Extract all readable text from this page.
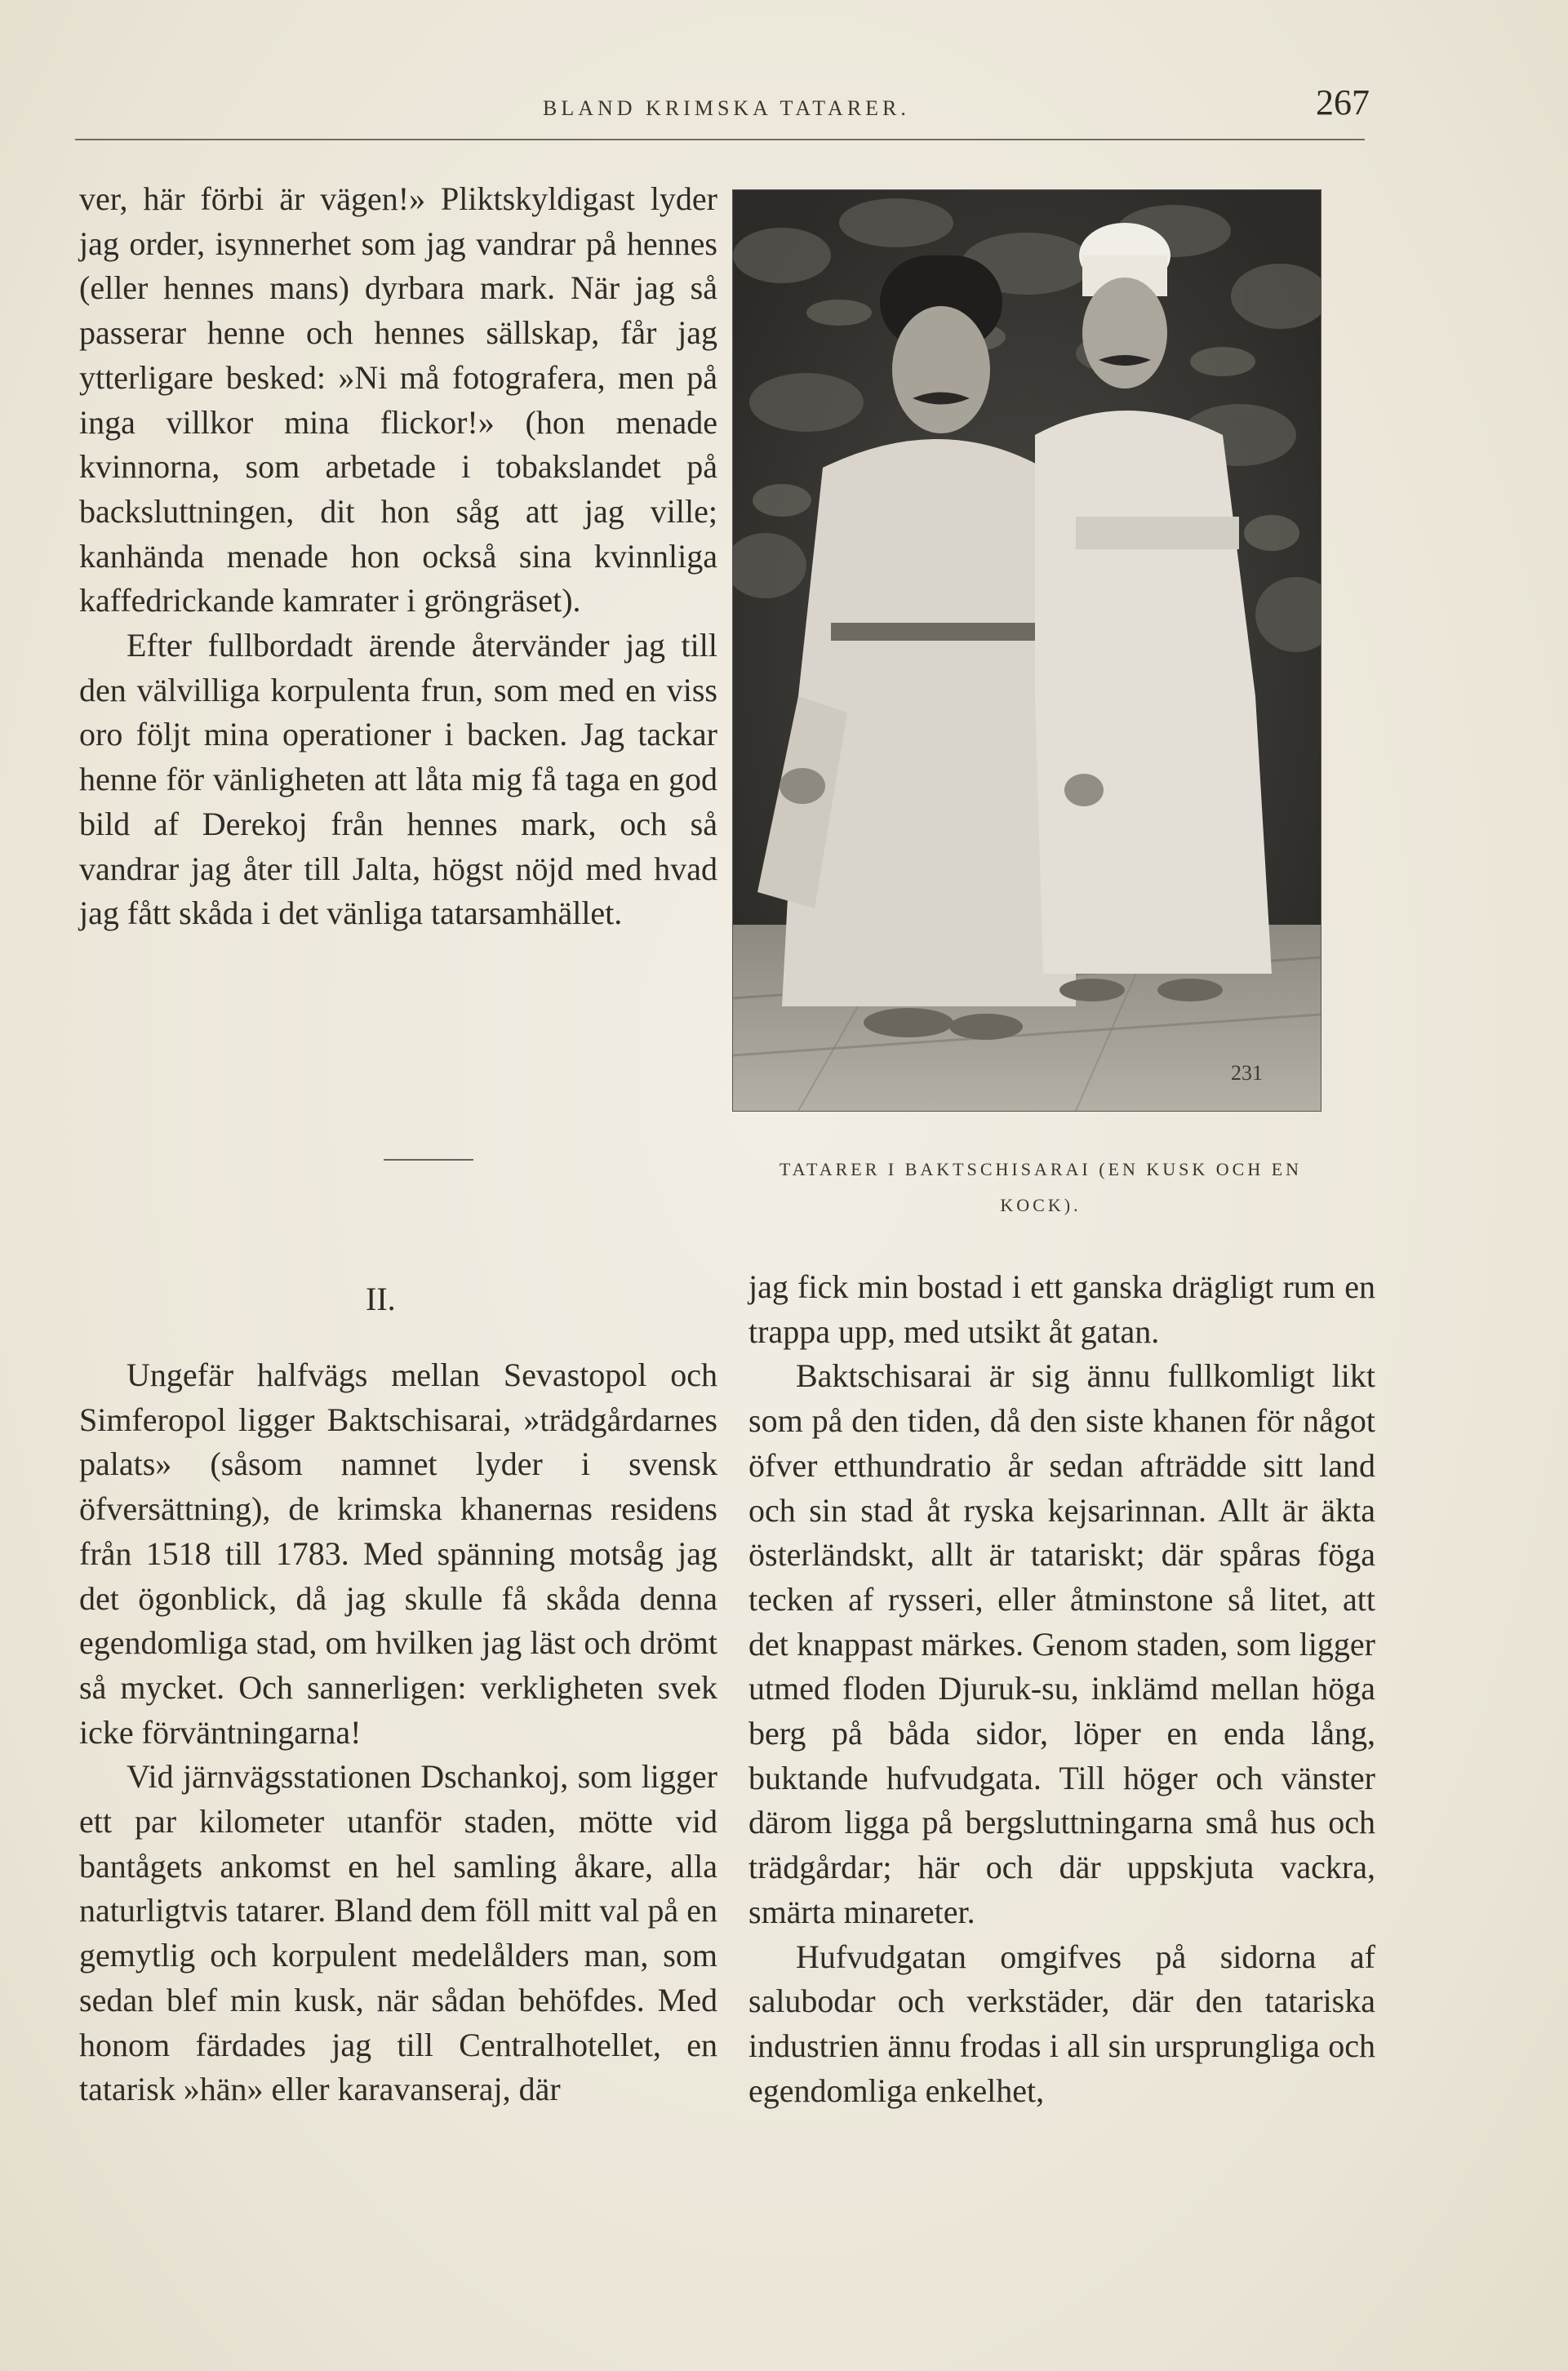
BLAND KRIMSKA TATARER.	267

ver, här förbi är vägen!» Pliktskyldigast lyder jag order, isynnerhet som jag vandrar på hennes (eller hennes mans) dyrbara mark. När jag så passerar henne och hennes sällskap, får jag ytterligare besked: »Ni må fotografera, men på inga villkor mina flickor!» (hon menade kvinnorna, som arbetade i tobakslandet på backsluttningen, dit hon såg att jag ville; kanhända menade hon också sina kvinnliga kaffedrickande kamrater i gröngräset).

Efter fullbordadt ärende återvänder jag till den välvilliga korpulenta frun, som med en viss oro följt mina operationer i backen. Jag tackar henne för vänligheten att låta mig få taga en god bild af Derekoj från hennes mark, och så vandrar jag åter till Jalta, högst nöjd med hvad jag fått skåda i det vänliga tatarsamhället.

231
TATARER I BAKTSCHISARAI (EN KUSK OCH EN KOCK).
II.

Ungefär halfvägs mellan Sevastopol och Simferopol ligger Baktschisarai, »trädgårdarnes palats» (såsom namnet lyder i svensk öfversättning), de krimska khanernas residens från 1518 till 1783. Med spänning motsåg jag det ögonblick, då jag skulle få skåda denna egendomliga stad, om hvilken jag läst och drömt så mycket. Och sannerligen: verkligheten svek icke förväntningarna!

Vid järnvägsstationen Dschankoj, som ligger ett par kilometer utanför staden, mötte vid bantågets ankomst en hel samling åkare, alla naturligtvis tatarer. Bland dem föll mitt val på en gemytlig och korpulent medelålders man, som sedan blef min kusk, när sådan behöfdes. Med honom färdades jag till Centralhotellet, en tatarisk »hän» eller karavanseraj, där

jag fick min bostad i ett ganska drägligt rum en trappa upp, med utsikt åt gatan.

Baktschisarai är sig ännu fullkomligt likt som på den tiden, då den siste khanen för något öfver etthundratio år sedan afträdde sitt land och sin stad åt ryska kejsarinnan. Allt är äkta österländskt, allt är tatariskt; där spåras föga tecken af rysseri, eller åtminstone så litet, att det knappast märkes. Genom staden, som ligger utmed floden Djuruk-su, inklämd mellan höga berg på båda sidor, löper en enda lång, buktande hufvudgata. Till höger och vänster därom ligga på bergsluttningarna små hus och trädgårdar; här och där uppskjuta vackra, smärta minareter.

Hufvudgatan omgifves på sidorna af salubodar och verkstäder, där den tatariska industrien ännu frodas i all sin ursprungliga och egendomliga enkelhet,
